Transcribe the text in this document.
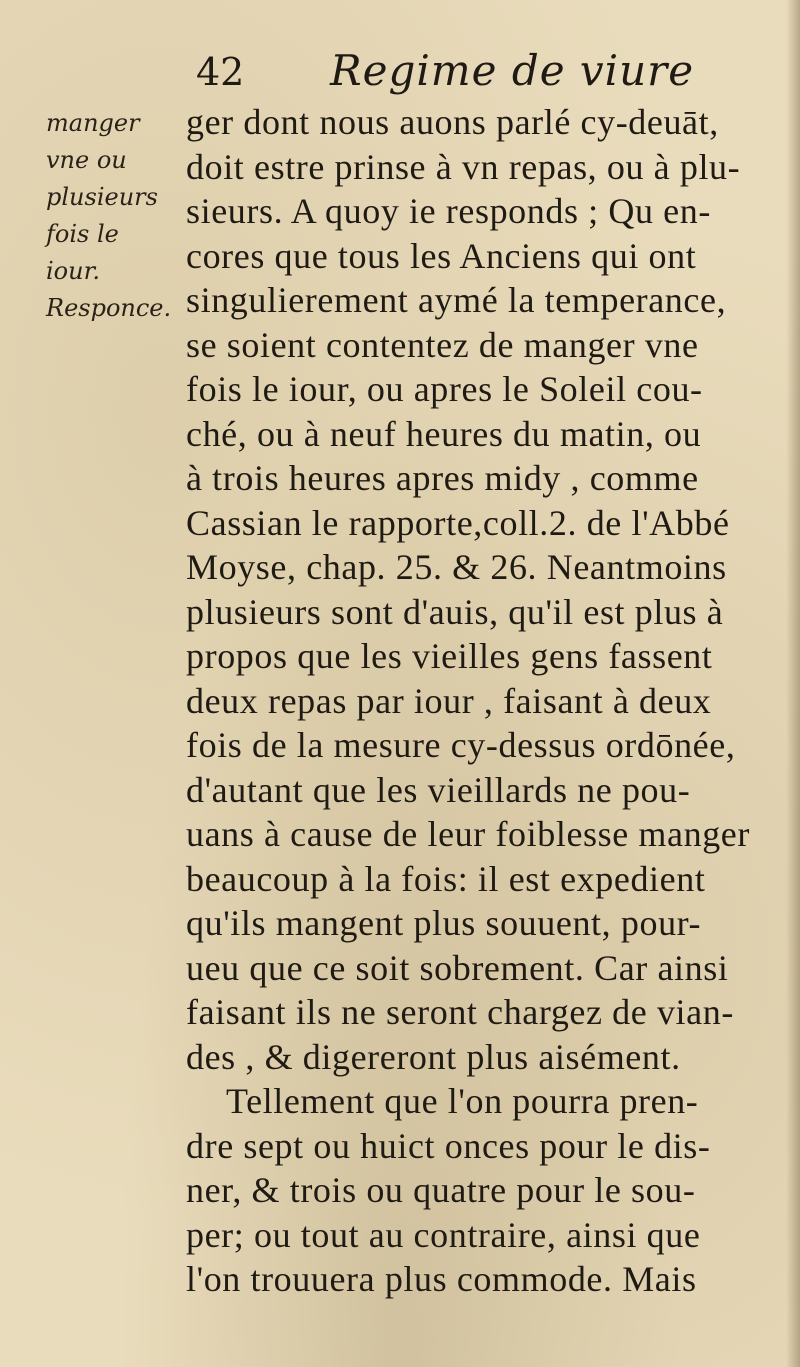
42 Regime de viure
manger
vne ou
plusieurs
fois le
iour.
Responce.
ger dont nous auons parlé cy-deuāt,
doit estre prinse à vn repas, ou à plu-
sieurs. A quoy ie responds ; Qu en-
cores que tous les Anciens qui ont
singulierement aymé la temperance,
se soient contentez de manger vne
fois le iour, ou apres le Soleil cou-
ché, ou à neuf heures du matin, ou
à trois heures apres midy , comme
Cassian le rapporte,coll.2. de l'Abbé
Moyse, chap. 25. & 26. Neantmoins
plusieurs sont d'auis, qu'il est plus à
propos que les vieilles gens fassent
deux repas par iour , faisant à deux
fois de la mesure cy-dessus ordōnée,
d'autant que les vieillards ne pou-
uans à cause de leur foiblesse manger
beaucoup à la fois: il est expedient
qu'ils mangent plus souuent, pour-
ueu que ce soit sobrement. Car ainsi
faisant ils ne seront chargez de vian-
des , & digereront plus aisément.
Tellement que l'on pourra pren-
dre sept ou huict onces pour le dis-
ner, & trois ou quatre pour le sou-
per; ou tout au contraire, ainsi que
l'on trouuera plus commode. Mais
